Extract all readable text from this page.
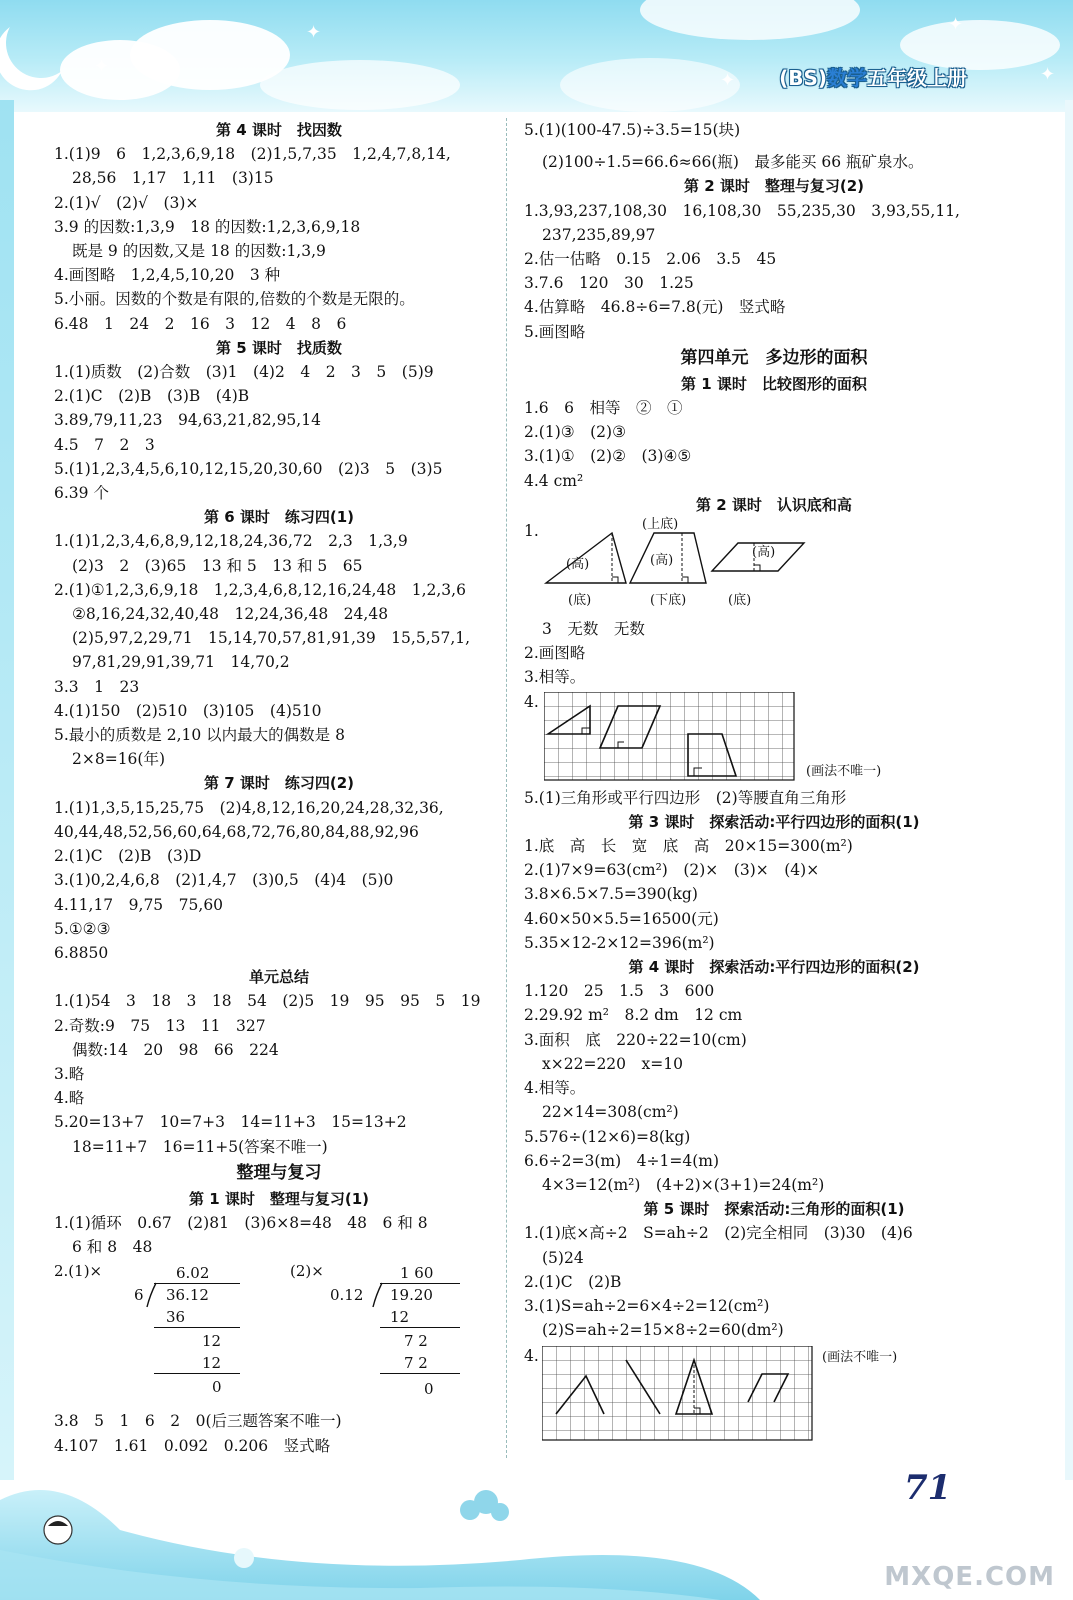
✦
✦
✦
✦
✦
(BS)数学五年级上册
第 4 课时　找因数
1.(1)9　6　1,2,3,6,9,18　(2)1,5,7,35　1,2,4,7,8,14,
28,56　1,17　1,11　(3)15
2.(1)√　(2)√　(3)×
3.9 的因数:1,3,9　18 的因数:1,2,3,6,9,18
既是 9 的因数,又是 18 的因数:1,3,9
4.画图略　1,2,4,5,10,20　3 种
5.小丽。因数的个数是有限的,倍数的个数是无限的。
6.48　1　24　2　16　3　12　4　8　6
第 5 课时　找质数
1.(1)质数　(2)合数　(3)1　(4)2　4　2　3　5　(5)9
2.(1)C　(2)B　(3)B　(4)B
3.89,79,11,23　94,63,21,82,95,14
4.5　7　2　3
5.(1)1,2,3,4,5,6,10,12,15,20,30,60　(2)3　5　(3)5
6.39 个
第 6 课时　练习四(1)
1.(1)1,2,3,4,6,8,9,12,18,24,36,72　2,3　1,3,9
(2)3　2　(3)65　13 和 5　13 和 5　65
2.(1)①1,2,3,6,9,18　1,2,3,4,6,8,12,16,24,48　1,2,3,6
②8,16,24,32,40,48　12,24,36,48　24,48
(2)5,97,2,29,71　15,14,70,57,81,91,39　15,5,57,1,
97,81,29,91,39,71　14,70,2
3.3　1　23
4.(1)150　(2)510　(3)105　(4)510
5.最小的质数是 2,10 以内最大的偶数是 8
2×8=16(年)
第 7 课时　练习四(2)
1.(1)1,3,5,15,25,75　(2)4,8,12,16,20,24,28,32,36,
40,44,48,52,56,60,64,68,72,76,80,84,88,92,96
2.(1)C　(2)B　(3)D
3.(1)0,2,4,6,8　(2)1,4,7　(3)0,5　(4)4　(5)0
4.11,17　9,75　75,60
5.①②③
6.8850
单元总结
1.(1)54　3　18　3　18　54　(2)5　19　95　95　5　19
2.奇数:9　75　13　11　327
偶数:14　20　98　66　224
3.略
4.略
5.20=13+7　10=7+3　14=11+3　15=13+2
18=11+7　16=11+5(答案不唯一)
整理与复习
第 1 课时　整理与复习(1)
1.(1)循环　0.67　(2)81　(3)6×8=48　48　6 和 8
6 和 8　48
2.(1)×	6.02
6 36.12
36
12
12
0
(2)×	1 60
0.12 19.20
12
7 2
7 2
0
3.8　5　1　6　2　0(后三题答案不唯一)
4.107　1.61　0.092　0.206　竖式略
5.(1)(100-47.5)÷3.5=15(块)
(2)100÷1.5=66.6̇≈66(瓶)　最多能买 66 瓶矿泉水。
第 2 课时　整理与复习(2)
1.3,93,237,108,30　16,108,30　55,235,30　3,93,55,11,
237,235,89,97
2.估一估略　0.15　2.06　3.5　45
3.7.6　120　30　1.25
4.估算略　46.8÷6=7.8(元)　竖式略
5.画图略
第四单元　多边形的面积
第 1 课时　比较图形的面积
1.6　6　相等　②　①
2.(1)③　(2)③
3.(1)①　(2)②　(3)④⑤
4.4 cm²
第 2 课时　认识底和高
1.	(上底)
(高)	(高)
(高)
(底)	(下底)	(底)
3　无数　无数
2.画图略
3.相等。
4.
(画法不唯一)
5.(1)三角形或平行四边形　(2)等腰直角三角形
第 3 课时　探索活动:平行四边形的面积(1)
1.底　高　长　宽　底　高　20×15=300(m²)
2.(1)7×9=63(cm²)　(2)×　(3)×　(4)×
3.8×6.5×7.5=390(kg)
4.60×50×5.5=16500(元)
5.35×12-2×12=396(m²)
第 4 课时　探索活动:平行四边形的面积(2)
1.120　25　1.5　3　600
2.29.92 m²　8.2 dm　12 cm
3.面积　底　220÷22=10(cm)
x×22=220　x=10
4.相等。
22×14=308(cm²)
5.576÷(12×6)=8(kg)
6.6÷2=3(m)　4÷1=4(m)
4×3=12(m²)　(4+2)×(3+1)=24(m²)
第 5 课时　探索活动:三角形的面积(1)
1.(1)底×高÷2　S=ah÷2　(2)完全相同　(3)30　(4)6
(5)24
2.(1)C　(2)B
3.(1)S=ah÷2=6×4÷2=12(cm²)
(2)S=ah÷2=15×8÷2=60(dm²)
4.	(画法不唯一)
MXQE.COM
71
